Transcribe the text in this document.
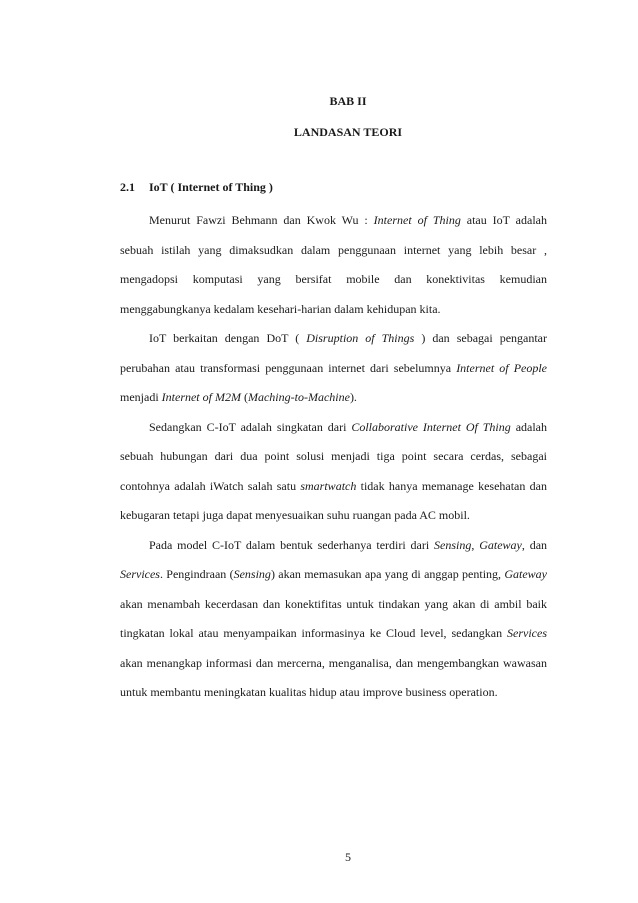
BAB II
LANDASAN TEORI
2.1 IoT ( Internet of Thing )

Menurut Fawzi Behmann dan Kwok Wu : Internet of Thing atau IoT adalah sebuah istilah yang dimaksudkan dalam penggunaan internet yang lebih besar , mengadopsi komputasi yang bersifat mobile dan konektivitas kemudian menggabungkanya kedalam kesehari-harian dalam kehidupan kita.

IoT berkaitan dengan DoT ( Disruption of Things ) dan sebagai pengantar perubahan atau transformasi penggunaan internet dari sebelumnya Internet of People menjadi Internet of M2M (Maching-to-Machine).

Sedangkan C-IoT adalah singkatan dari Collaborative Internet Of Thing adalah sebuah hubungan dari dua point solusi menjadi tiga point secara cerdas, sebagai contohnya adalah iWatch salah satu smartwatch tidak hanya memanage kesehatan dan kebugaran tetapi juga dapat menyesuaikan suhu ruangan pada AC mobil.

Pada model C-IoT dalam bentuk sederhanya terdiri dari Sensing, Gateway, dan Services. Pengindraan (Sensing) akan memasukan apa yang di anggap penting, Gateway akan menambah kecerdasan dan konektifitas untuk tindakan yang akan di ambil baik tingkatan lokal atau menyampaikan informasinya ke Cloud level, sedangkan Services akan menangkap informasi dan mercerna, menganalisa, dan mengembangkan wawasan untuk membantu meningkatan kualitas hidup atau improve business operation.

5
